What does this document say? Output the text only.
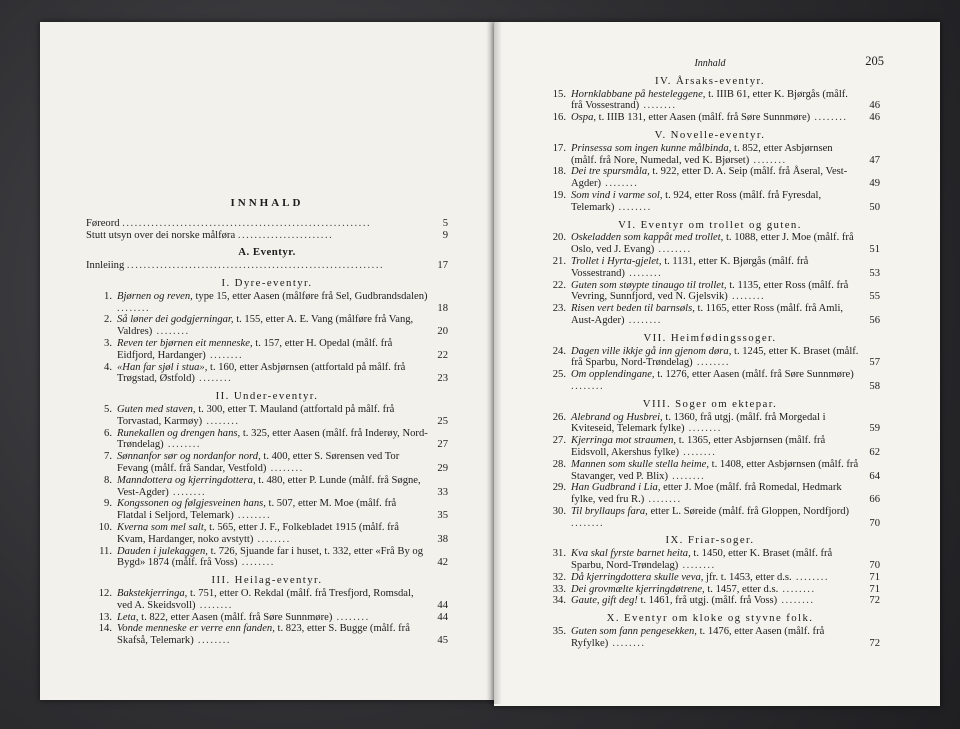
INNHALD
Føreord ............................................................	5
Stutt utsyn over dei norske målføra .......................	9
A. Eventyr.
Innleiing ..............................................................	17
I. Dyre-eventyr.
1. Bjørnen og reven, type 15, etter Aasen (målføre frå Sel, Gudbrandsdalen) ........	18
2. Så løner dei godgjerningar, t. 155, etter A. E. Vang (målføre frå Vang, Valdres) ........	20
3. Reven ter bjørnen eit menneske, t. 157, etter H. Opedal (målf. frå Eidfjord, Hardanger) ........	22
4. «Han far sjøl i stua», t. 160, etter Asbjørnsen (attfortald på målf. frå Trøgstad, Østfold) ........	23
II. Under-eventyr.
5. Guten med staven, t. 300, etter T. Mauland (attfortald på målf. frå Torvastad, Karmøy) ........	25
6. Runekallen og drengen hans, t. 325, etter Aasen (målf. frå Inderøy, Nord-Trøndelag) ........	27
7. Sønnanfor sør og nordanfor nord, t. 400, etter S. Sørensen ved Tor Fevang (målf. frå Sandar, Vestfold) ........	29
8. Manndottera og kjerringdottera, t. 480, etter P. Lunde (målf. frå Søgne, Vest-Agder) ........	33
9. Kongssonen og følgjesveinen hans, t. 507, etter M. Moe (målf. frå Flatdal i Seljord, Telemark) ........	35
10. Kverna som mel salt, t. 565, etter J. F., Folkebladet 1915 (målf. frå Kvam, Hardanger, noko avstytt) ........	38
11. Dauden i julekaggen, t. 726, Sjuande far i huset, t. 332, etter «Frå By og Bygd» 1874 (målf. frå Voss) ........	42
III. Heilag-eventyr.
12. Bakstekjerringa, t. 751, etter O. Rekdal (målf. frå Tresfjord, Romsdal, ved A. Skeidsvoll) ........	44
13. Leta, t. 822, etter Aasen (målf. frå Søre Sunnmøre) ........	44
14. Vonde menneske er verre enn fanden, t. 823, etter S. Bugge (målf. frå Skafså, Telemark) ........	45
Innhald	205
IV. Årsaks-eventyr.
15. Hornklabbane på hesteleggene, t. IIIB 61, etter K. Bjørgås (målf. frå Vossestrand) ........	46
16. Ospa, t. IIIB 131, etter Aasen (målf. frå Søre Sunnmøre) ........	46
V. Novelle-eventyr.
17. Prinsessa som ingen kunne målbinda, t. 852, etter Asbjørnsen (målf. frå Nore, Numedal, ved K. Bjørset) ........	47
18. Dei tre spursmåla, t. 922, etter D. A. Seip (målf. frå Åseral, Vest-Agder) ........	49
19. Som vind i varme sol, t. 924, etter Ross (målf. frå Fyresdal, Telemark) ........	50
VI. Eventyr om trollet og guten.
20. Oskeladden som kappåt med trollet, t. 1088, etter J. Moe (målf. frå Oslo, ved J. Evang) ........	51
21. Trollet i Hyrta-gjelet, t. 1131, etter K. Bjørgås (målf. frå Vossestrand) ........	53
22. Guten som støypte tinaugo til trollet, t. 1135, etter Ross (målf. frå Vevring, Sunnfjord, ved N. Gjelsvik) ........	55
23. Risen vert beden til barnsøls, t. 1165, etter Ross (målf. frå Amli, Aust-Agder) ........	56
VII. Heimfødingssoger.
24. Dagen ville ikkje gå inn gjenom døra, t. 1245, etter K. Braset (målf. frå Sparbu, Nord-Trøndelag) ........	57
25. Om opplendingane, t. 1276, etter Aasen (målf. frå Søre Sunnmøre) ........	58
VIII. Soger om ektepar.
26. Alebrand og Husbrei, t. 1360, frå utgj. (målf. frå Morgedal i Kviteseid, Telemark fylke) ........	59
27. Kjerringa mot straumen, t. 1365, etter Asbjørnsen (målf. frå Eidsvoll, Akershus fylke) ........	62
28. Mannen som skulle stella heime, t. 1408, etter Asbjørnsen (målf. frå Stavanger, ved P. Blix) ........	64
29. Han Gudbrand i Lia, etter J. Moe (målf. frå Romedal, Hedmark fylke, ved fru R.) ........	66
30. Til bryllaups fara, etter L. Søreide (målf. frå Gloppen, Nordfjord) ........	70
IX. Friar-soger.
31. Kva skal fyrste barnet heita, t. 1450, etter K. Braset (målf. frå Sparbu, Nord-Trøndelag) ........	70
32. Då kjerringdottera skulle veva, jfr. t. 1453, etter d.s. ........	71
33. Dei grovmælte kjerringdøtrene, t. 1457, etter d.s. ........	71
34. Gaute, gift deg! t. 1461, frå utgj. (målf. frå Voss) ........	72
X. Eventyr om kloke og styvne folk.
35. Guten som fann pengesekken, t. 1476, etter Aasen (målf. frå Ryfylke) ........	72
